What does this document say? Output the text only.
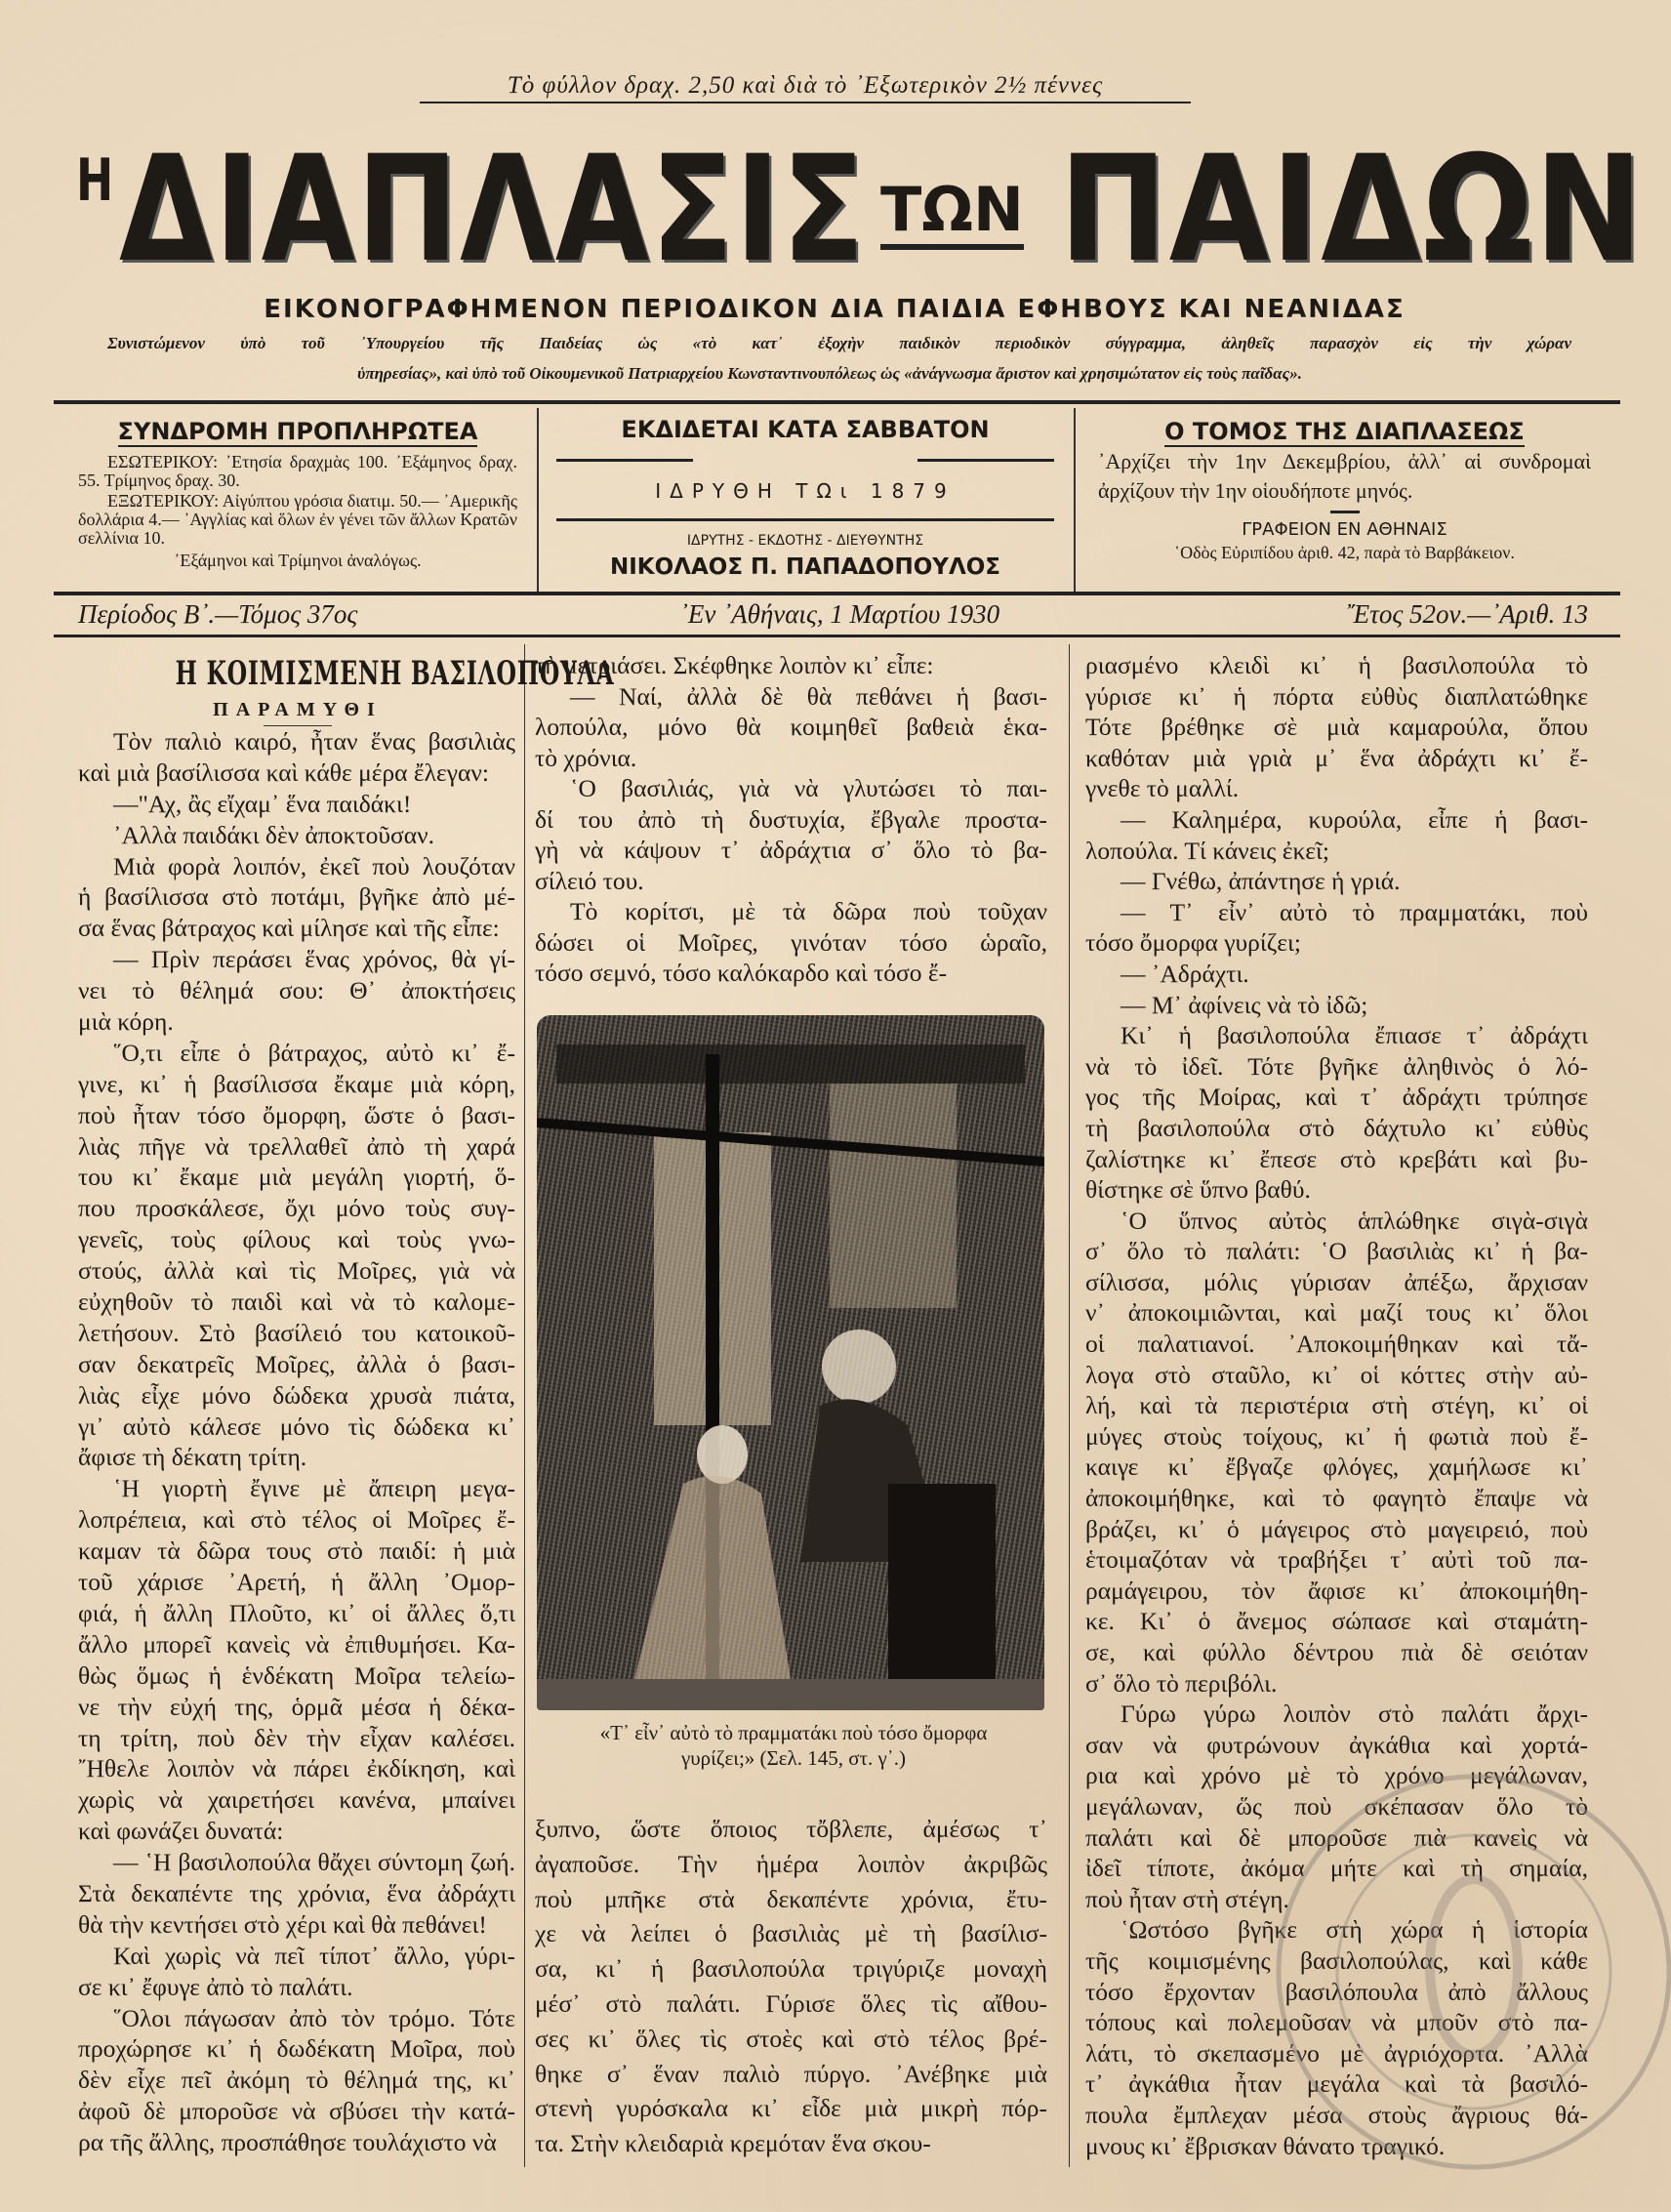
Τὸ φύλλον δραχ. 2,50 καὶ διὰ τὸ ᾽Εξωτερικὸν 2½ πέννες
Η ΔΙΑΠΛΑΣΙΣ ΤΩΝ ΠΑΙΔΩΝ
ΕΙΚΟΝΟΓΡΑΦΗΜΕΝΟΝ ΠΕΡΙΟΔΙΚΟΝ ΔΙΑ ΠΑΙΔΙΑ ΕΦΗΒΟΥΣ ΚΑΙ ΝΕΑΝΙΔΑΣ
Συνιστώμενον ὑπὸ τοῦ ᾽Υπουργείου τῆς Παιδείας ὡς «τὸ κατ᾽ ἐξοχὴν παιδικὸν περιοδικὸν σύγγραμμα, ἀληθεῖς παρασχὸν εἰς τὴν χώραν
ὑπηρεσίας», καὶ ὑπὸ τοῦ Οἰκουμενικοῦ Πατριαρχείου Κωνσταντινουπόλεως ὡς «ἀνάγνωσμα ἄριστον καὶ χρησιμώτατον εἰς τοὺς παῖδας».
ΣΥΝΔΡΟΜΗ ΠΡΟΠΛΗΡΩΤΕΑ
ΕΣΩΤΕΡΙΚΟΥ: ᾽Ετησία δραχμὰς 100. ᾽Εξάμηνος δραχ. 55. Τρίμηνος δραχ. 30.
ΕΞΩΤΕΡΙΚΟΥ: Αἰγύπτου γρόσια διατιμ. 50.— ᾽Αμερικῆς δολλάρια 4.— ᾽Αγγλίας καὶ ὅλων ἐν γένει τῶν ἄλλων Κρατῶν σελλίνια 10.
᾽Εξάμηνοι καὶ Τρίμηνοι ἀναλόγως.
ΕΚΔΙΔΕΤΑΙ ΚΑΤΑ ΣΑΒΒΑΤΟΝ
ΙΔΡΥΘΗ ΤΩι 1879
ΙΔΡΥΤΗΣ - ΕΚΔΟΤΗΣ - ΔΙΕΥΘΥΝΤΗΣ
ΝΙΚΟΛΑΟΣ Π. ΠΑΠΑΔΟΠΟΥΛΟΣ
Ο ΤΟΜΟΣ ΤΗΣ ΔΙΑΠΛΑΣΕΩΣ
᾽Αρχίζει τὴν 1ην Δεκεμβρίου, ἀλλ᾽ αἱ συνδρομαὶ ἀρχίζουν τὴν 1ην οἱουδήποτε μηνός.
ΓΡΑΦΕΙΟΝ ΕΝ ΑΘΗΝΑΙΣ
῾Οδὸς Εὐριπίδου ἀριθ. 42, παρὰ τὸ Βαρβάκειον.
Περίοδος Β᾽.—Τόμος 37ος	᾽Εν ᾽Αθήναις, 1 Μαρτίου 1930	῎Ετος 52ον.—᾽Αριθ. 13
Η ΚΟΙΜΙΣΜΕΝΗ ΒΑΣΙΛΟΠΟΥΛΑ
ΠΑΡΑΜΥΘΙ
Τὸν παλιὸ καιρό, ἦταν ἕνας βασιλιὰς
καὶ μιὰ βασίλισσα καὶ κάθε μέρα ἔλεγαν:
—"Αχ, ἂς εἴχαμ᾽ ἕνα παιδάκι!
᾽Αλλὰ παιδάκι δὲν ἀποκτοῦσαν.
Μιὰ φορὰ λοιπόν, ἐκεῖ ποὺ λουζόταν
ἡ βασίλισσα στὸ ποτάμι, βγῆκε ἀπὸ μέ-
σα ἕνας βάτραχος καὶ μίλησε καὶ τῆς εἶπε:
— Πρὶν περάσει ἕνας χρόνος, θὰ γί-
νει τὸ θέλημά σου: Θ᾽ ἀποκτήσεις
μιὰ κόρη.
῞Ο,τι εἶπε ὁ βάτραχος, αὐτὸ κι᾽ ἔ-
γινε, κι᾽ ἡ βασίλισσα ἔκαμε μιὰ κόρη,
ποὺ ἦταν τόσο ὄμορφη, ὥστε ὁ βασι-
λιὰς πῆγε νὰ τρελλαθεῖ ἀπὸ τὴ χαρά
του κι᾽ ἔκαμε μιὰ μεγάλη γιορτή, ὅ-
που προσκάλεσε, ὄχι μόνο τοὺς συγ-
γενεῖς, τοὺς φίλους καὶ τοὺς γνω-
στούς, ἀλλὰ καὶ τὶς Μοῖρες, γιὰ νὰ
εὐχηθοῦν τὸ παιδὶ καὶ νὰ τὸ καλομε-
λετήσουν. Στὸ βασίλειό του κατοικοῦ-
σαν δεκατρεῖς Μοῖρες, ἀλλὰ ὁ βασι-
λιὰς εἶχε μόνο δώδεκα χρυσὰ πιάτα,
γι᾽ αὐτὸ κάλεσε μόνο τὶς δώδεκα κι᾽
ἄφισε τὴ δέκατη τρίτη.
῾Η γιορτὴ ἔγινε μὲ ἄπειρη μεγα-
λοπρέπεια, καὶ στὸ τέλος οἱ Μοῖρες ἔ-
καμαν τὰ δῶρα τους στὸ παιδί: ἡ μιὰ
τοῦ χάρισε ᾽Αρετή, ἡ ἄλλη ᾽Ομορ-
φιά, ἡ ἄλλη Πλοῦτο, κι᾽ οἱ ἄλλες ὅ,τι
ἄλλο μπορεῖ κανεὶς νὰ ἐπιθυμήσει. Κα-
θὼς ὅμως ἡ ἑνδέκατη Μοῖρα τελείω-
νε τὴν εὐχή της, ὁρμᾶ μέσα ἡ δέκα-
τη τρίτη, ποὺ δὲν τὴν εἶχαν καλέσει.
῎Ηθελε λοιπὸν νὰ πάρει ἐκδίκηση, καὶ
χωρὶς νὰ χαιρετήσει κανένα, μπαίνει
καὶ φωνάζει δυνατά:
— ῾Η βασιλοπούλα θἄχει σύντομη ζωή.
Στὰ δεκαπέντε της χρόνια, ἕνα ἀδράχτι
θὰ τὴν κεντήσει στὸ χέρι καὶ θὰ πεθάνει!
Καὶ χωρὶς νὰ πεῖ τίποτ᾽ ἄλλο, γύρι-
σε κι᾽ ἔφυγε ἀπὸ τὸ παλάτι.
῞Ολοι πάγωσαν ἀπὸ τὸν τρόμο. Τότε
προχώρησε κι᾽ ἡ δωδέκατη Μοῖρα, ποὺ
δὲν εἶχε πεῖ ἀκόμη τὸ θέλημά της, κι᾽
ἀφοῦ δὲ μποροῦσε νὰ σβύσει τὴν κατά-
ρα τῆς ἄλλης, προσπάθησε τουλάχιστο νὰ
τὴ μετριάσει. Σκέφθηκε λοιπὸν κι᾽ εἶπε:
— Ναί, ἀλλὰ δὲ θὰ πεθάνει ἡ βασι-
λοπούλα, μόνο θὰ κοιμηθεῖ βαθειὰ ἑκα-
τὸ χρόνια.
῾Ο βασιλιάς, γιὰ νὰ γλυτώσει τὸ παι-
δί του ἀπὸ τὴ δυστυχία, ἔβγαλε προστα-
γὴ νὰ κάψουν τ᾽ ἀδράχτια σ᾽ ὅλο τὸ βα-
σίλειό του.
Τὸ κορίτσι, μὲ τὰ δῶρα ποὺ τοῦχαν
δώσει οἱ Μοῖρες, γινόταν τόσο ὡραῖο,
τόσο σεμνό, τόσο καλόκαρδο καὶ τόσο ἔ-
«Τ᾽ εἶν᾽ αὐτὸ τὸ πραμματάκι ποὺ τόσο ὄμορφα
γυρίζει;» (Σελ. 145, στ. γ᾽.)
ξυπνο, ὥστε ὅποιος τὄβλεπε, ἀμέσως τ᾽
ἀγαποῦσε. Τὴν ἡμέρα λοιπὸν ἀκριβῶς
ποὺ μπῆκε στὰ δεκαπέντε χρόνια, ἔτυ-
χε νὰ λείπει ὁ βασιλιὰς μὲ τὴ βασίλισ-
σα, κι᾽ ἡ βασιλοπούλα τριγύριζε μοναχὴ
μέσ᾽ στὸ παλάτι. Γύρισε ὅλες τὶς αἴθου-
σες κι᾽ ὅλες τὶς στοὲς καὶ στὸ τέλος βρέ-
θηκε σ᾽ ἕναν παλιὸ πύργο. ᾽Ανέβηκε μιὰ
στενὴ γυρόσκαλα κι᾽ εἶδε μιὰ μικρὴ πόρ-
τα. Στὴν κλειδαριὰ κρεμόταν ἕνα σκου-
ριασμένο κλειδὶ κι᾽ ἡ βασιλοπούλα τὸ
γύρισε κι᾽ ἡ πόρτα εὐθὺς διαπλατώθηκε
Τότε βρέθηκε σὲ μιὰ καμαρούλα, ὅπου
καθόταν μιὰ γριὰ μ᾽ ἕνα ἀδράχτι κι᾽ ἔ-
γνεθε τὸ μαλλί.
— Καλημέρα, κυρούλα, εἶπε ἡ βασι-
λοπούλα. Τί κάνεις ἐκεῖ;
— Γνέθω, ἀπάντησε ἡ γριά.
— Τ᾽ εἶν᾽ αὐτὸ τὸ πραμματάκι, ποὺ
τόσο ὄμορφα γυρίζει;
— ᾽Αδράχτι.
— Μ᾽ ἀφίνεις νὰ τὸ ἰδῶ;
Κι᾽ ἡ βασιλοπούλα ἔπιασε τ᾽ ἀδράχτι
νὰ τὸ ἰδεῖ. Τότε βγῆκε ἀληθινὸς ὁ λό-
γος τῆς Μοίρας, καὶ τ᾽ ἀδράχτι τρύπησε
τὴ βασιλοπούλα στὸ δάχτυλο κι᾽ εὐθὺς
ζαλίστηκε κι᾽ ἔπεσε στὸ κρεβάτι καὶ βυ-
θίστηκε σὲ ὕπνο βαθύ.
῾Ο ὕπνος αὐτὸς ἁπλώθηκε σιγὰ-σιγὰ
σ᾽ ὅλο τὸ παλάτι: ῾Ο βασιλιὰς κι᾽ ἡ βα-
σίλισσα, μόλις γύρισαν ἀπέξω, ἄρχισαν
ν᾽ ἀποκοιμιῶνται, καὶ μαζί τους κι᾽ ὅλοι
οἱ παλατιανοί. ᾽Αποκοιμήθηκαν καὶ τἄ-
λογα στὸ σταῦλο, κι᾽ οἱ κόττες στὴν αὐ-
λή, καὶ τὰ περιστέρια στὴ στέγη, κι᾽ οἱ
μύγες στοὺς τοίχους, κι᾽ ἡ φωτιὰ ποὺ ἔ-
καιγε κι᾽ ἔβγαζε φλόγες, χαμήλωσε κι᾽
ἀποκοιμήθηκε, καὶ τὸ φαγητὸ ἔπαψε νὰ
βράζει, κι᾽ ὁ μάγειρος στὸ μαγειρειό, ποὺ
ἑτοιμαζόταν νὰ τραβήξει τ᾽ αὐτὶ τοῦ πα-
ραμάγειρου, τὸν ἄφισε κι᾽ ἀποκοιμήθη-
κε. Κι᾽ ὁ ἄνεμος σώπασε καὶ σταμάτη-
σε, καὶ φύλλο δέντρου πιὰ δὲ σειόταν
σ᾽ ὅλο τὸ περιβόλι.
Γύρω γύρω λοιπὸν στὸ παλάτι ἄρχι-
σαν νὰ φυτρώνουν ἀγκάθια καὶ χορτά-
ρια καὶ χρόνο μὲ τὸ χρόνο μεγάλωναν,
μεγάλωναν, ὥς ποὺ σκέπασαν ὅλο τὸ
παλάτι καὶ δὲ μποροῦσε πιὰ κανεὶς νὰ
ἰδεῖ τίποτε, ἀκόμα μήτε καὶ τὴ σημαία,
ποὺ ἦταν στὴ στέγη.
῾Ωστόσο βγῆκε στὴ χώρα ἡ ἱστορία
τῆς κοιμισμένης βασιλοπούλας, καὶ κάθε
τόσο ἔρχονταν βασιλόπουλα ἀπὸ ἄλλους
τόπους καὶ πολεμοῦσαν νὰ μποῦν στὸ πα-
λάτι, τὸ σκεπασμένο μὲ ἀγριόχορτα. ᾽Αλλὰ
τ᾽ ἀγκάθια ἦταν μεγάλα καὶ τὰ βασιλό-
πουλα ἔμπλεχαν μέσα στοὺς ἄγριους θά-
μνους κι᾽ ἔβρισκαν θάνατο τραγικό.
